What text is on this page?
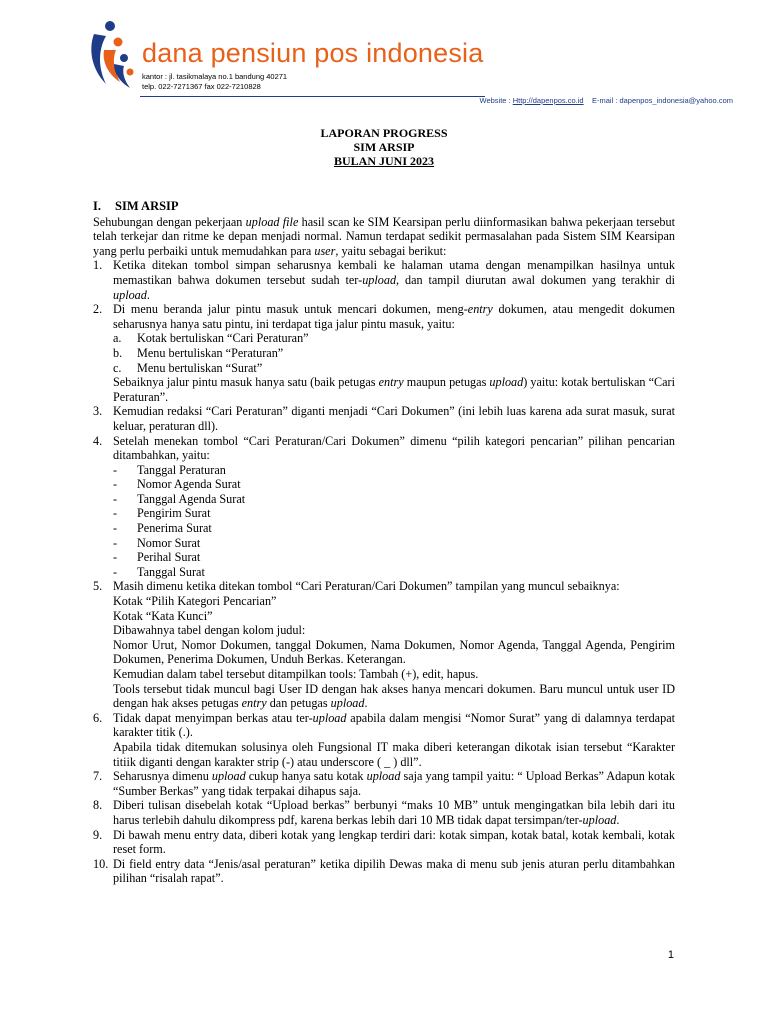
dana pensiun pos indonesia
kantor : jl. tasikmalaya no.1 bandung 40271
telp. 022-7271367 fax 022-7210828
Website : Http://dapenpos.co.id E-mail : dapenpos_indonesia@yahoo.com
LAPORAN PROGRESS
SIM ARSIP
BULAN JUNI 2023
I.	SIM ARSIP
Sehubungan dengan pekerjaan upload file hasil scan ke SIM Kearsipan perlu diinformasikan bahwa pekerjaan tersebut telah terkejar dan ritme ke depan menjadi normal. Namun terdapat sedikit permasalahan pada Sistem SIM Kearsipan yang perlu perbaiki untuk memudahkan para user, yaitu sebagai berikut:
1. Ketika ditekan tombol simpan seharusnya kembali ke halaman utama dengan menampilkan hasilnya untuk memastikan bahwa dokumen tersebut sudah ter-upload, dan tampil diurutan awal dokumen yang terakhir di upload.
2. Di menu beranda jalur pintu masuk untuk mencari dokumen, meng-entry dokumen, atau mengedit dokumen seharusnya hanya satu pintu, ini terdapat tiga jalur pintu masuk, yaitu:
a.	Kotak bertuliskan “Cari Peraturan”
b.	Menu bertuliskan “Peraturan”
c.	Menu bertuliskan “Surat”
Sebaiknya jalur pintu masuk hanya satu (baik petugas entry maupun petugas upload) yaitu: kotak bertuliskan “Cari Peraturan”.
3. Kemudian redaksi “Cari Peraturan” diganti menjadi “Cari Dokumen” (ini lebih luas karena ada surat masuk, surat keluar, peraturan dll).
4. Setelah menekan tombol “Cari Peraturan/Cari Dokumen” dimenu “pilih kategori pencarian” pilihan pencarian ditambahkan, yaitu:
-	Tanggal Peraturan
-	Nomor Agenda Surat
-	Tanggal Agenda Surat
-	Pengirim Surat
-	Penerima Surat
-	Nomor Surat
-	Perihal Surat
-	Tanggal Surat
5. Masih dimenu ketika ditekan tombol “Cari Peraturan/Cari Dokumen” tampilan yang muncul sebaiknya:
Kotak “Pilih Kategori Pencarian”
Kotak “Kata Kunci”
Dibawahnya tabel dengan kolom judul:
Nomor Urut, Nomor Dokumen, tanggal Dokumen, Nama Dokumen, Nomor Agenda, Tanggal Agenda, Pengirim Dokumen, Penerima Dokumen, Unduh Berkas. Keterangan.
Kemudian dalam tabel tersebut ditampilkan tools: Tambah (+), edit, hapus.
Tools tersebut tidak muncul bagi User ID dengan hak akses hanya mencari dokumen. Baru muncul untuk user ID dengan hak akses petugas entry dan petugas upload.
6. Tidak dapat menyimpan berkas atau ter-upload apabila dalam mengisi “Nomor Surat” yang di dalamnya terdapat karakter titik (.).
Apabila tidak ditemukan solusinya oleh Fungsional IT maka diberi keterangan dikotak isian tersebut “Karakter titiik diganti dengan karakter strip (-) atau underscore ( _ ) dll”.
7. Seharusnya dimenu upload cukup hanya satu kotak upload saja yang tampil yaitu: “ Upload Berkas” Adapun kotak “Sumber Berkas” yang tidak terpakai dihapus saja.
8. Diberi tulisan disebelah kotak “Upload berkas” berbunyi “maks 10 MB” untuk mengingatkan bila lebih dari itu harus terlebih dahulu dikompress pdf, karena berkas lebih dari 10 MB tidak dapat tersimpan/ter-upload.
9. Di bawah menu entry data, diberi kotak yang lengkap terdiri dari: kotak simpan, kotak batal, kotak kembali, kotak reset form.
10. Di field entry data “Jenis/asal peraturan” ketika dipilih Dewas maka di menu sub jenis aturan perlu ditambahkan pilihan “risalah rapat”.
1
